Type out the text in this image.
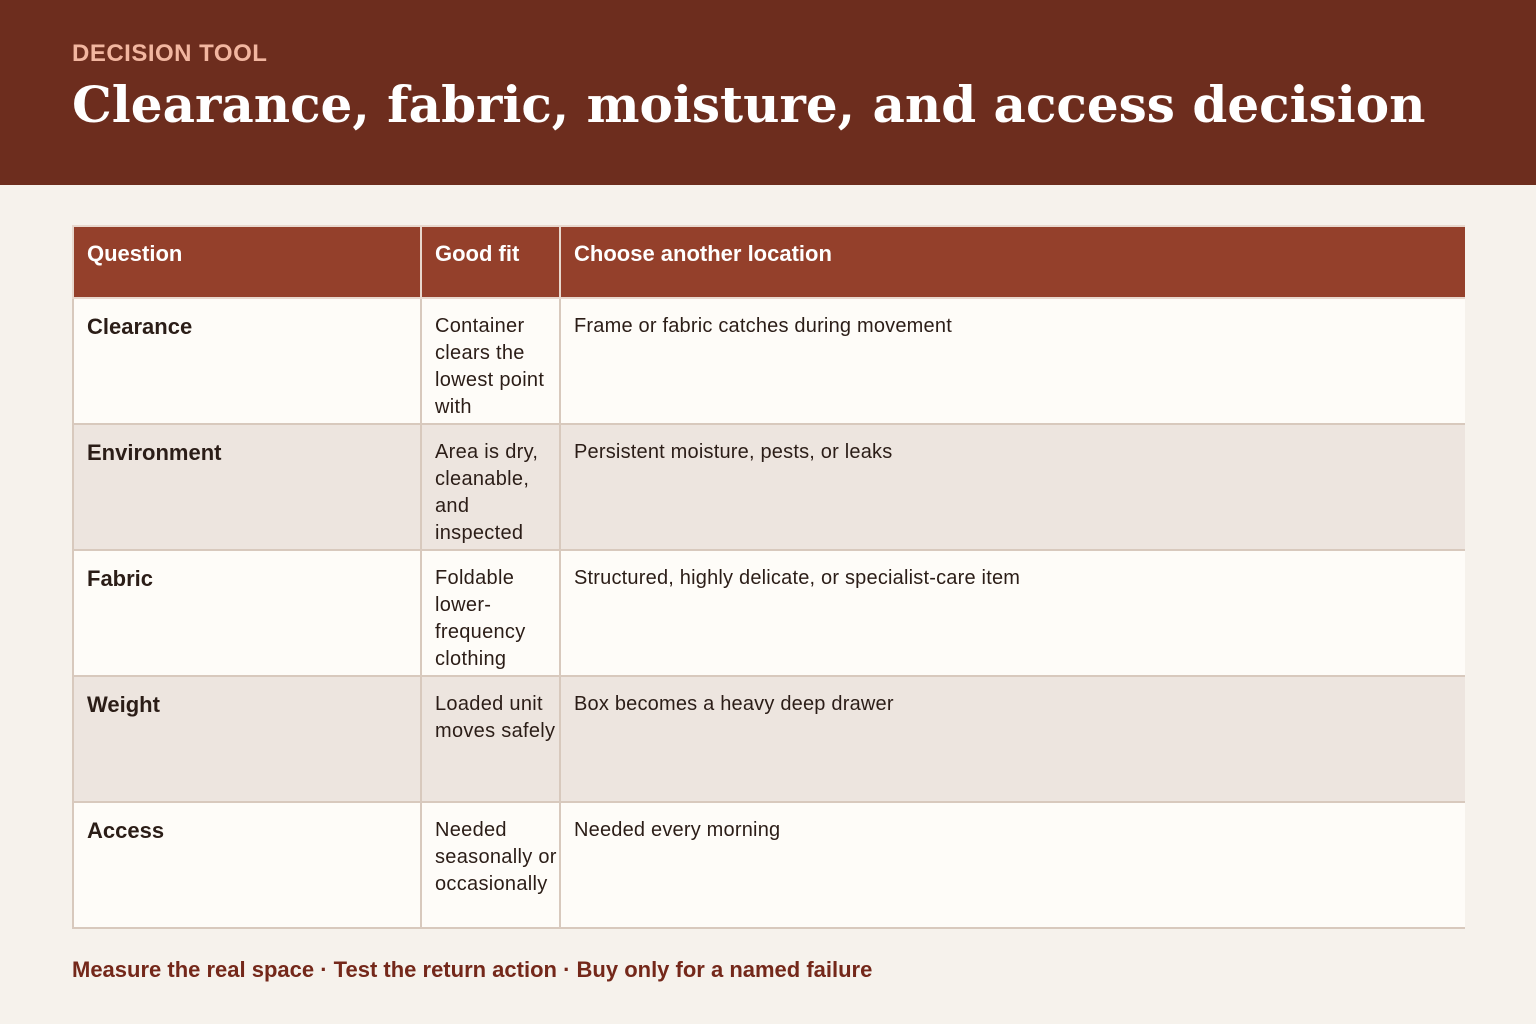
DECISION TOOL
Clearance, fabric, moisture, and access decision
Question	Good fit	Choose another location
Clearance	Container clears the lowest point with	Frame or fabric catches during movement
Environment	Area is dry, cleanable, and inspected	Persistent moisture, pests, or leaks
Fabric	Foldable lower-frequency clothing	Structured, highly delicate, or specialist-care item
Weight	Loaded unit moves safely	Box becomes a heavy deep drawer
Access	Needed seasonally or occasionally	Needed every morning
Measure the real space · Test the return action · Buy only for a named failure
